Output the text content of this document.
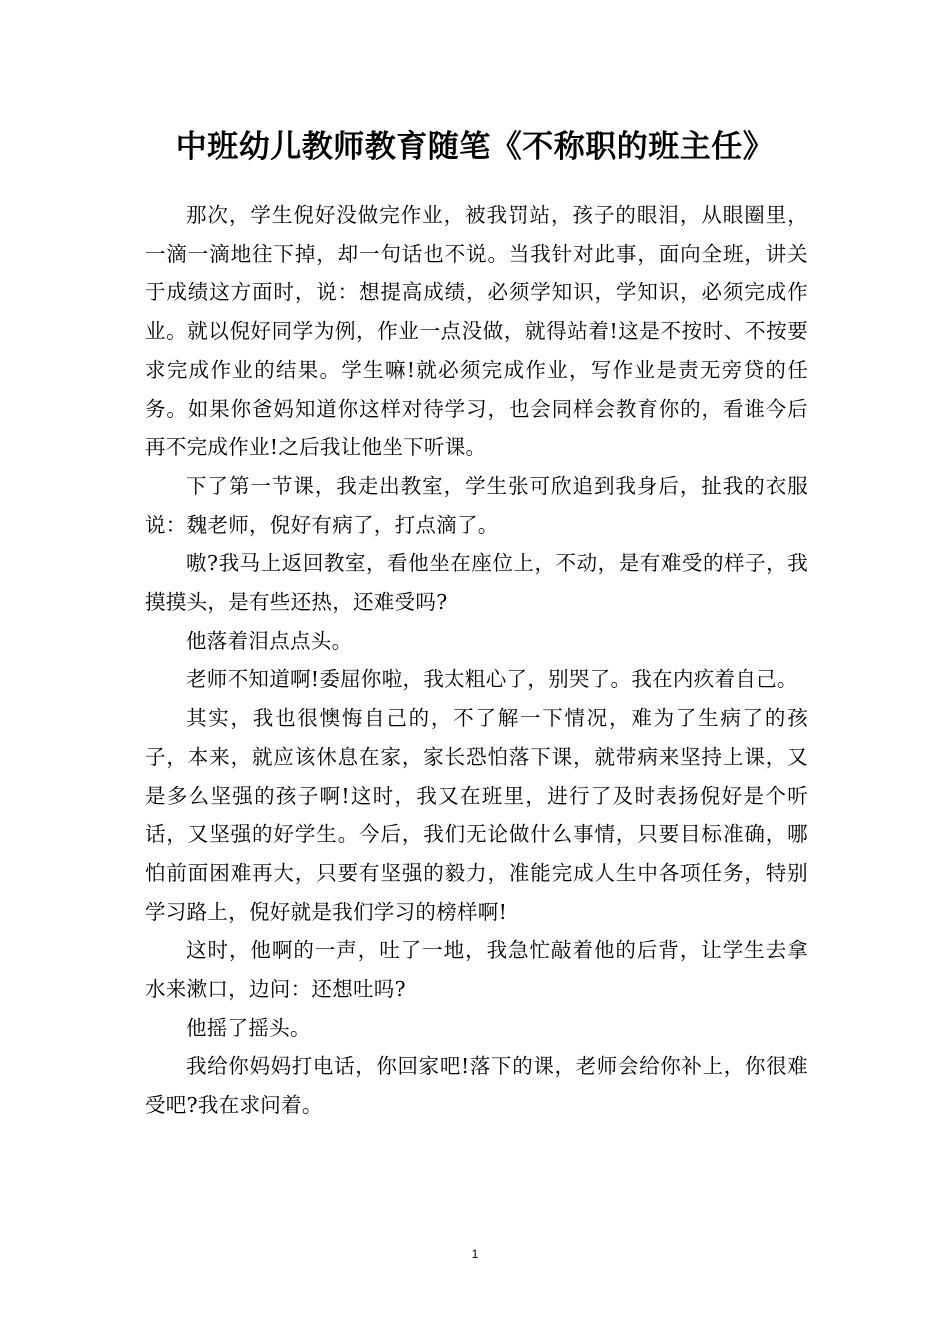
中班幼儿教师教育随笔《不称职的班主任》

那次，学生倪好没做完作业，被我罚站，孩子的眼泪，从眼圈里，一滴一滴地往下掉，却一句话也不说。当我针对此事，面向全班，讲关于成绩这方面时，说：想提高成绩，必须学知识，学知识，必须完成作业。就以倪好同学为例，作业一点没做，就得站着!这是不按时、不按要求完成作业的结果。学生嘛!就必须完成作业，写作业是责无旁贷的任务。如果你爸妈知道你这样对待学习，也会同样会教育你的，看谁今后再不完成作业!之后我让他坐下听课。

下了第一节课，我走出教室，学生张可欣追到我身后，扯我的衣服说：魏老师，倪好有病了，打点滴了。

嗷?我马上返回教室，看他坐在座位上，不动，是有难受的样子，我摸摸头，是有些还热，还难受吗?

他落着泪点点头。

老师不知道啊!委屈你啦，我太粗心了，别哭了。我在内疚着自己。

其实，我也很懊悔自己的，不了解一下情况，难为了生病了的孩子，本来，就应该休息在家，家长恐怕落下课，就带病来坚持上课，又是多么坚强的孩子啊!这时，我又在班里，进行了及时表扬倪好是个听话，又坚强的好学生。今后，我们无论做什么事情，只要目标准确，哪怕前面困难再大，只要有坚强的毅力，准能完成人生中各项任务，特别学习路上，倪好就是我们学习的榜样啊!

这时，他啊的一声，吐了一地，我急忙敲着他的后背，让学生去拿水来漱口，边问：还想吐吗?

他摇了摇头。

我给你妈妈打电话，你回家吧!落下的课，老师会给你补上，你很难受吧?我在求问着。

1
